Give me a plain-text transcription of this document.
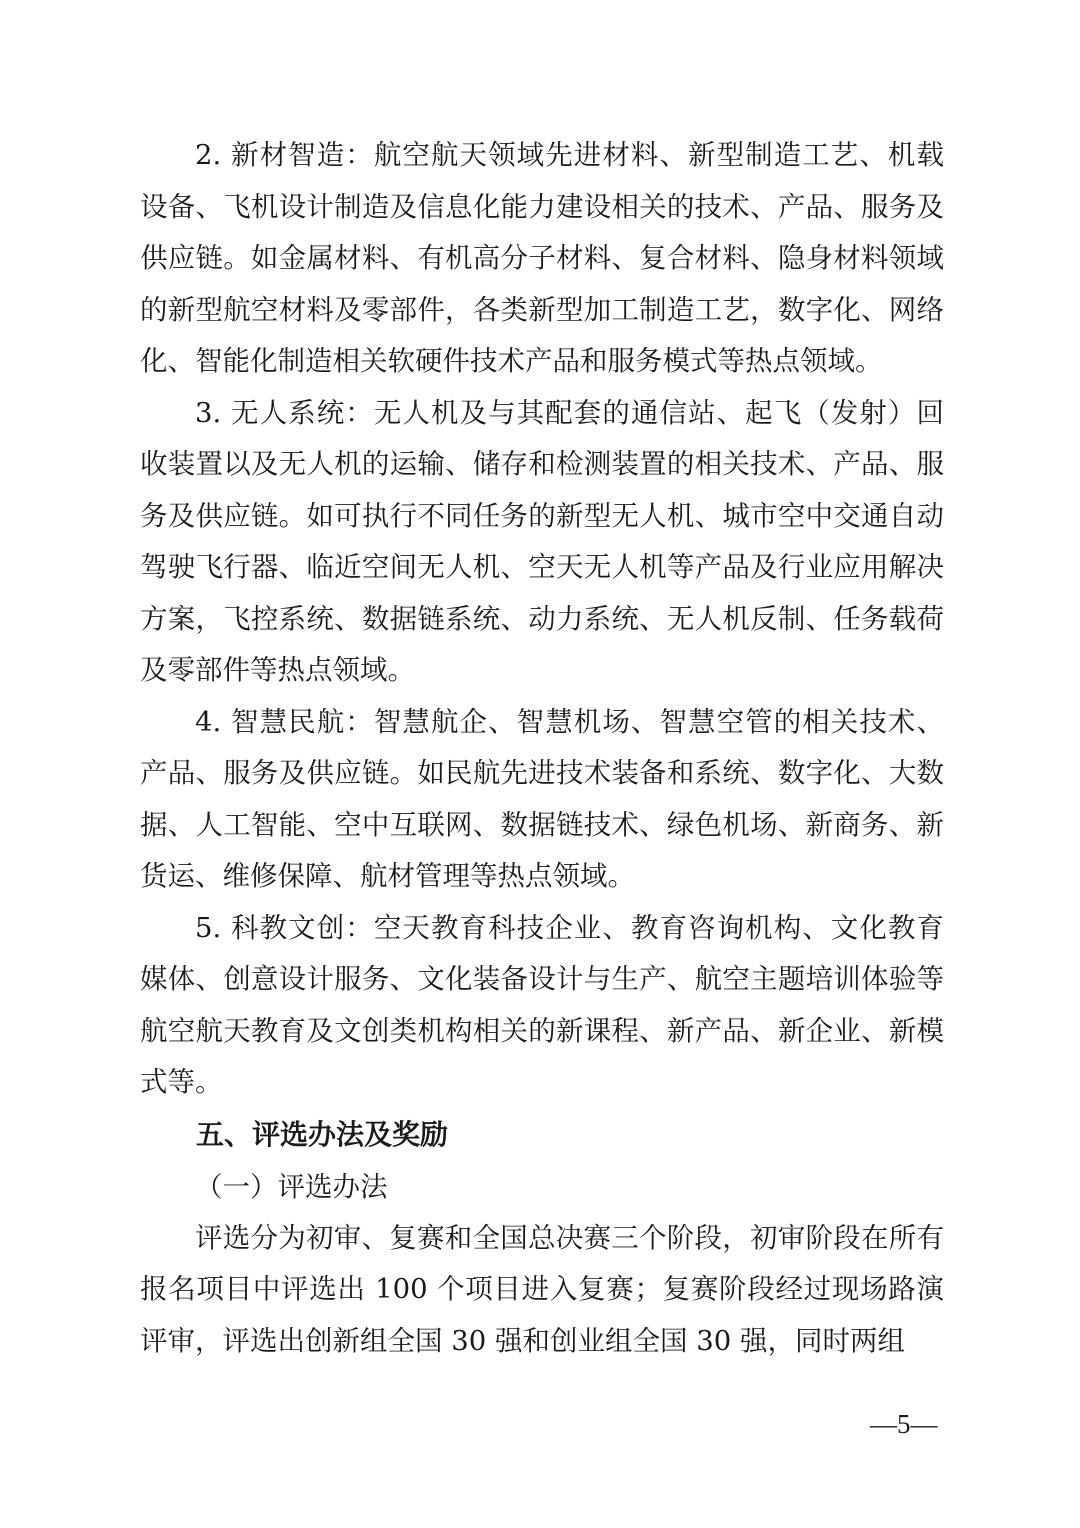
2. 新材智造：航空航天领域先进材料、新型制造工艺、机载设备、飞机设计制造及信息化能力建设相关的技术、产品、服务及供应链。如金属材料、有机高分子材料、复合材料、隐身材料领域的新型航空材料及零部件，各类新型加工制造工艺，数字化、网络化、智能化制造相关软硬件技术产品和服务模式等热点领域。

3. 无人系统：无人机及与其配套的通信站、起飞（发射）回收装置以及无人机的运输、储存和检测装置的相关技术、产品、服务及供应链。如可执行不同任务的新型无人机、城市空中交通自动驾驶飞行器、临近空间无人机、空天无人机等产品及行业应用解决方案，飞控系统、数据链系统、动力系统、无人机反制、任务载荷及零部件等热点领域。

4. 智慧民航：智慧航企、智慧机场、智慧空管的相关技术、产品、服务及供应链。如民航先进技术装备和系统、数字化、大数据、人工智能、空中互联网、数据链技术、绿色机场、新商务、新货运、维修保障、航材管理等热点领域。

5. 科教文创：空天教育科技企业、教育咨询机构、文化教育媒体、创意设计服务、文化装备设计与生产、航空主题培训体验等航空航天教育及文创类机构相关的新课程、新产品、新企业、新模式等。

五、评选办法及奖励

（一）评选办法

评选分为初审、复赛和全国总决赛三个阶段，初审阶段在所有报名项目中评选出 100 个项目进入复赛；复赛阶段经过现场路演评审，评选出创新组全国 30 强和创业组全国 30 强，同时两组

—5—
